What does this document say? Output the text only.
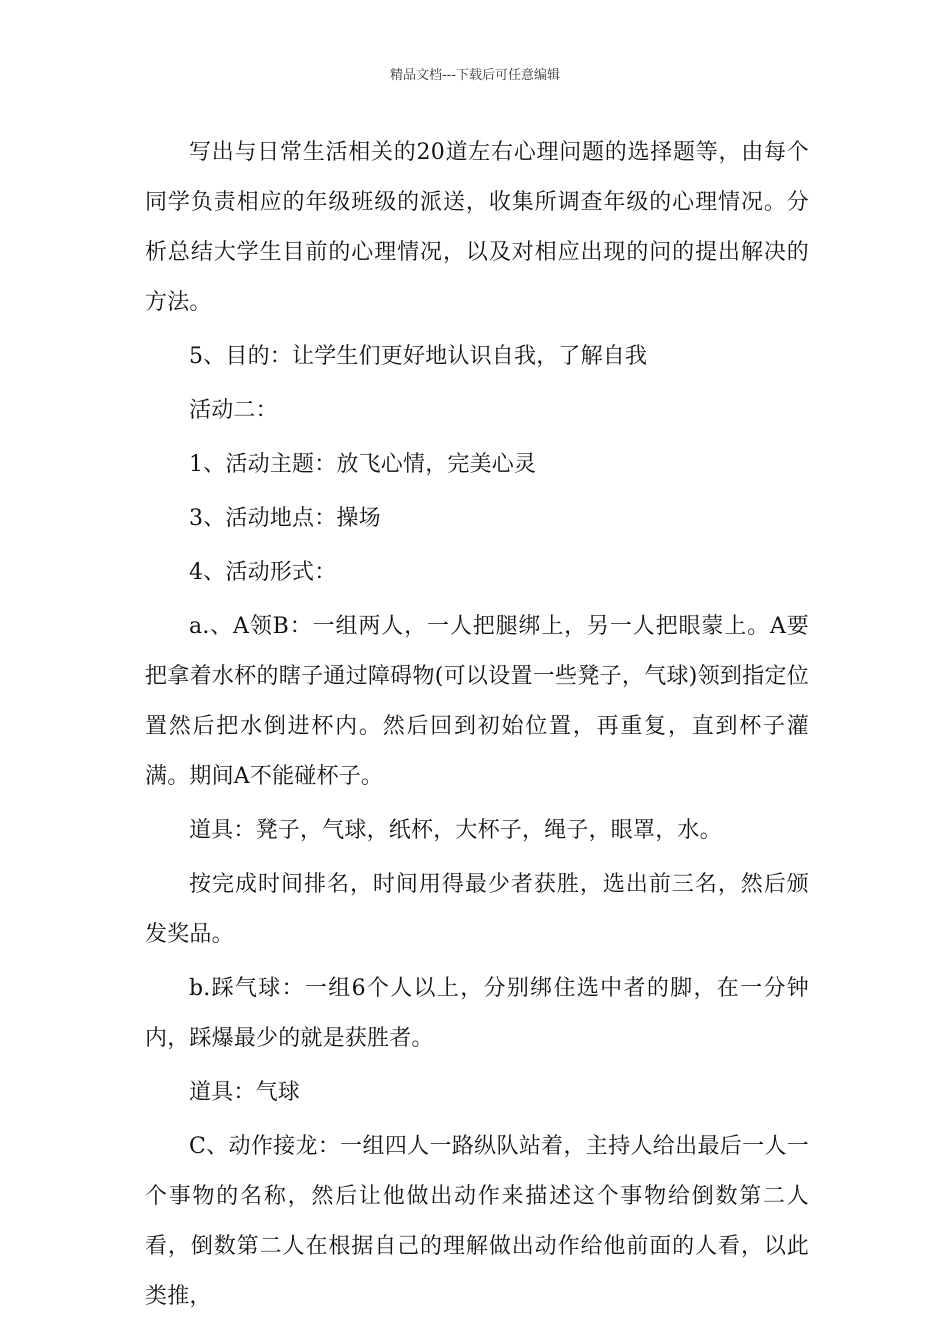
精品文档---下载后可任意编辑

写出与日常生活相关的20道左右心理问题的选择题等，由每个同学负责相应的年级班级的派送，收集所调查年级的心理情况。分析总结大学生目前的心理情况，以及对相应出现的问的提出解决的方法。

5、目的：让学生们更好地认识自我，了解自我

活动二：

1、活动主题：放飞心情，完美心灵

3、活动地点：操场

4、活动形式：

a.、A领B：一组两人，一人把腿绑上，另一人把眼蒙上。A要把拿着水杯的瞎子通过障碍物(可以设置一些凳子，气球)领到指定位置然后把水倒进杯内。然后回到初始位置，再重复，直到杯子灌满。期间A不能碰杯子。

道具：凳子，气球，纸杯，大杯子，绳子，眼罩，水。

按完成时间排名，时间用得最少者获胜，选出前三名，然后颁发奖品。

b.踩气球：一组6个人以上，分别绑住选中者的脚，在一分钟内，踩爆最少的就是获胜者。

道具：气球

C、动作接龙：一组四人一路纵队站着，主持人给出最后一人一个事物的名称，然后让他做出动作来描述这个事物给倒数第二人看，倒数第二人在根据自己的理解做出动作给他前面的人看，以此类推，
